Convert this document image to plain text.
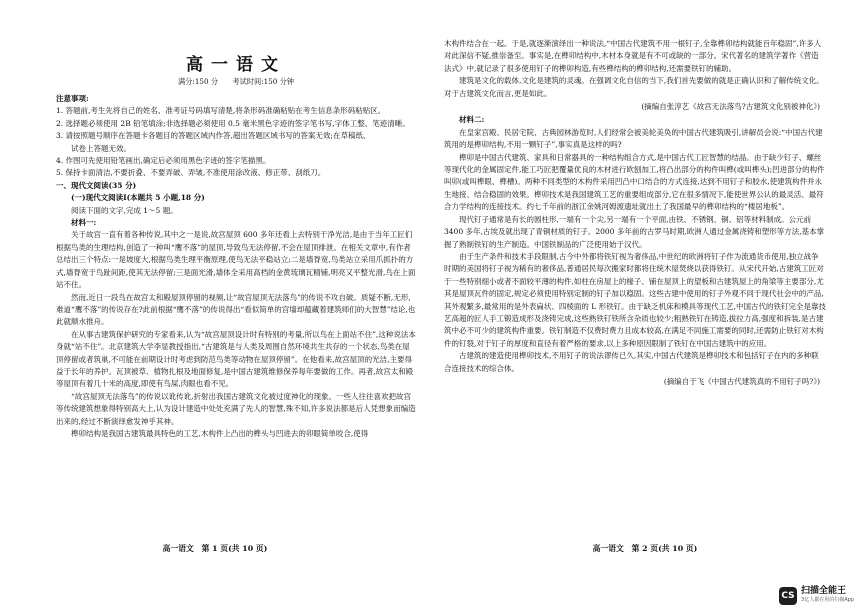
高一语文
满分:150 分　　考试时间:150 分钟

注意事项:

1. 答题前,考生先将自己的姓名、准考证号码填写清楚,将条形码准确粘贴在考生信息条形码粘贴区。

2. 选择题必须使用 2B 铅笔填涂;非选择题必须使用 0.5 毫米黑色字迹的签字笔书写,字体工整、笔迹清晰。

3. 请按照题号顺序在答题卡各题目的答题区域内作答,超出答题区域书写的答案无效;在草稿纸、

试卷上答题无效。

4. 作图可先使用铅笔画出,确定后必须用黑色字迹的签字笔描黑。

5. 保持卡面清洁,不要折叠、不要弄破、弄皱,不准使用涂改液、修正带、刮纸刀。

一、现代文阅读(35 分)

(一)现代文阅读Ⅰ(本题共 5 小题,18 分)

阅读下面的文字,完成 1～5 题。

材料一:

关于故宫一直有着各种传说,其中之一是说,故宫屋顶 600 多年还看上去特别干净光洁,是由于当年工匠们根据鸟类的生理结构,创造了一种叫“鹰不落”的屋顶,导致鸟无法停留,不会在屋顶排泄。在相关文章中,有作者总结出三个特点:一是坡度大,根据鸟类生理平衡原理,使鸟无法平稳站立;二是墙脊宽,鸟类站立采用爪抓扑的方式,墙脊宽于鸟趾间距,使其无法停留;三是面光滑,墙体全采用高档的金黄琉璃瓦精铺,明亮又平整光滑,鸟在上面站不住。

然而,近日一段鸟在故宫太和殿屋顶停留的视频,让“故宫屋顶无法落鸟”的传说不攻自破。质疑不断,无形,难道“鹰不落”的传说存在?此前根据“鹰不落”的传说得出“看似简单的宫墙却蕴藏着建筑师们的大智慧”结论,也此就顺水推舟。

在从事古建筑保护研究的专家看来,认为“故宫屋顶设计时有特别的考量,所以鸟在上面站不住”,这种说法本身就“站不住”。北京建筑大学李显教授指出,“古建筑是与人类及周围自然环境共生共存的一个状态,鸟类在屋顶停留或者筑巢,不可能在前期设计时考虑到防范鸟类等动物在屋顶停留”。在他看来,故宫屋顶的光洁,主要得益于长年的养护。瓦顶被草、植物扎根及地面修复,是中国古建筑维修保养每年要做的工作。再者,故宫太和殿等屋顶有着几十米的高度,即使有鸟屎,肉眼也看不见。

“故宫屋顶无法落鸟”的传说以讹传讹,折射出我国古建筑文化被过度神化的现象。一些人往往喜欢把故宫等传统建筑想象得特别高大上,认为设计建造中处处充满了先人的智慧,殊不知,许多说法都是后人凭想象而编造出来的,经过不断演绎愈发神乎其神。

榫卯结构是我国古建筑最具特色的工艺,木构件上凸出的榫头与凹进去的卯眼简单咬合,使得

高一语文　第 1 页(共 10 页)

木构件结合在一起。于是,就逐渐演绎出一种说法,“中国古代建筑不用一根钉子,全靠榫卯结构就能百年稳固”,许多人对此深信不疑,推崇备至。事实是,在榫卯结构中,木材本身就是有不可或缺的一部分。宋代著名的建筑学著作《营造法式》中,就记录了很多使用钉子的榫卯构造,有些榫结构的榫卯结构,还需要铁钉的辅助。

建筑是文化的载体,文化是建筑的灵魂。在强调文化自信的当下,我们首先要做的就是正确认识和了解传统文化。对于古建筑文化而言,更是如此。

(摘编自张淳艺《故宫无法落鸟?古建筑文化别被神化》)

材料二:

在皇家宫殿、民居宅院、古典园林游览时,人们经常会被美轮美奂的中国古代建筑吸引,讲解员会说:“中国古代建筑用的是榫卯结构,不用一颗钉子”,事实真是这样的吗?

榫卯是中国古代建筑、家具和日常器具的一种结构组合方式,是中国古代工匠智慧的结晶。由于缺少钉子、螺丝等现代化的金属固定件,能工巧匠把覆量优良的木材进行欧刨加工,将凸出部分的构件叫榫(或叫榫头);凹进部分的构件叫卯(或叫榫眼、榫槽)。两种不同类型的木构件采用凹凸中口结合的方式连接,达到不用钉子和胶水,使建筑构件并永生地接、结合稳固的效果。榫卯技术是我国建筑工艺的重要组成部分,它在很多情况下,能使世界公认的最灵活、最符合力学结构的连接技术。约七千年前的浙江余姚河姆渡遗址就出土了我国最早的榫卯结构的“楼居地板”。

现代钉子通常是有长的圆柱形,一端有一个尖,另一端有一个平面,由铁、不锈钢、铜、铝等材料制成。公元前 3400 多年,古埃及就出现了青铜材质的钉子。2000 多年前的古罗马时期,欧洲人通过金属浇铸和塑形等方法,基本掌握了熟制铁钉的生产制造。中国铁制品的广泛使用始于汉代。

由于生产条件和技术手段限制,古今中外都将铁钉视为奢侈品,中世纪的欧洲将钉子作为流通货币使用,独立战争时期的美国将钉子视为稀有的奢侈品,普通居民每次搬家时都将住统木屋焚烧以获得铁钉。从宋代开始,古建筑工匠对于一些特别细小或者不面较平薄的构件,如柱在房屋上的椽子、铺在屋顶上的望板和古建筑屋上的角梁等主要部分,尤其是屋顶瓦件的固定,规定必须使用特别定制的钉子加以稳固。这些古建中使用的钉子外观不同于现代社会中的产品,其外观繁多,最常用的是外表扁状、四棱面的 L 形铁钉。由于缺乏机床和模具等现代工艺,中国古代的铁钉完全是靠技艺高超的匠人手工锻造成形及浇铸完成,这些熟铁钉铁所含杂质也较少;粗熟铁钉在铸造,拔拉力高,强度和拆装,是古建筑中必不可少的建筑构件重要。铁钉制造不仅费时费力且成本较高,在满足不同施工需要的同时,还需防止铁钉对木构件的钉裂,对于钉子的厚度和直径有着严格的要求,以上多种原因限制了铁钉在中国古建筑中的应用。

古建筑的建造使用榫卯技术,不用钉子的说法谬传已久,其实,中国古代建筑是榫卯技术和包括钉子在内的多种联合连接技术的综合体。

(摘编自于飞《中国古代建筑真的不用钉子吗?》)

高一语文　第 2 页(共 10 页)
CS 扫描全能王
3亿人都在用的扫描App
